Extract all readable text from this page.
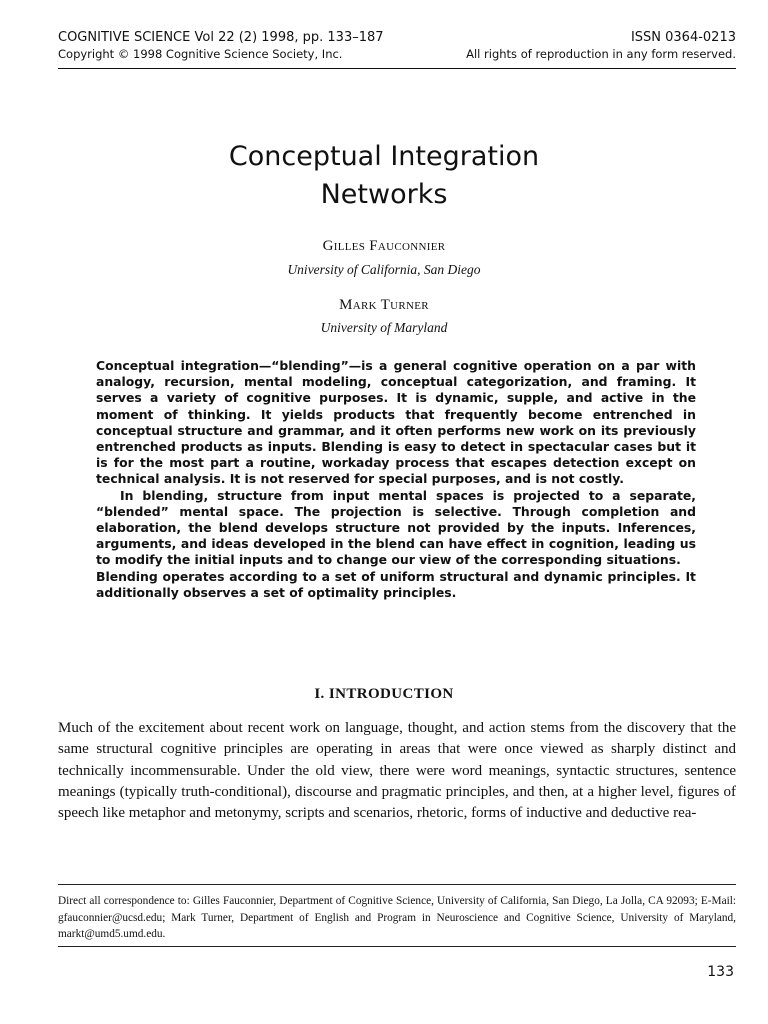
COGNITIVE SCIENCE Vol 22 (2) 1998, pp. 133–187	ISSN 0364-0213
Copyright © 1998 Cognitive Science Society, Inc.	All rights of reproduction in any form reserved.
Conceptual Integration
Networks
Gilles Fauconnier
University of California, San Diego
Mark Turner
University of Maryland

Conceptual integration—“blending”—is a general cognitive operation on a par with analogy, recursion, mental modeling, conceptual categorization, and framing. It serves a variety of cognitive purposes. It is dynamic, supple, and active in the moment of thinking. It yields products that frequently become entrenched in conceptual structure and grammar, and it often performs new work on its previously entrenched products as inputs. Blending is easy to detect in spectacular cases but it is for the most part a routine, workaday process that escapes detection except on technical analysis. It is not reserved for special purposes, and is not costly.

In blending, structure from input mental spaces is projected to a separate, “blended” mental space. The projection is selective. Through completion and elaboration, the blend develops structure not provided by the inputs. Inferences, arguments, and ideas developed in the blend can have effect in cognition, leading us to modify the initial inputs and to change our view of the corresponding situations.

Blending operates according to a set of uniform structural and dynamic principles. It additionally observes a set of optimality principles.

I. INTRODUCTION

Much of the excitement about recent work on language, thought, and action stems from the discovery that the same structural cognitive principles are operating in areas that were once viewed as sharply distinct and technically incommensurable. Under the old view, there were word meanings, syntactic structures, sentence meanings (typically truth-conditional), discourse and pragmatic principles, and then, at a higher level, figures of speech like metaphor and metonymy, scripts and scenarios, rhetoric, forms of inductive and deductive rea-

Direct all correspondence to: Gilles Fauconnier, Department of Cognitive Science, University of California, San Diego, La Jolla, CA 92093; E-Mail: gfauconnier@ucsd.edu; Mark Turner, Department of English and Program in Neuroscience and Cognitive Science, University of Maryland, markt@umd5.umd.edu.

133
